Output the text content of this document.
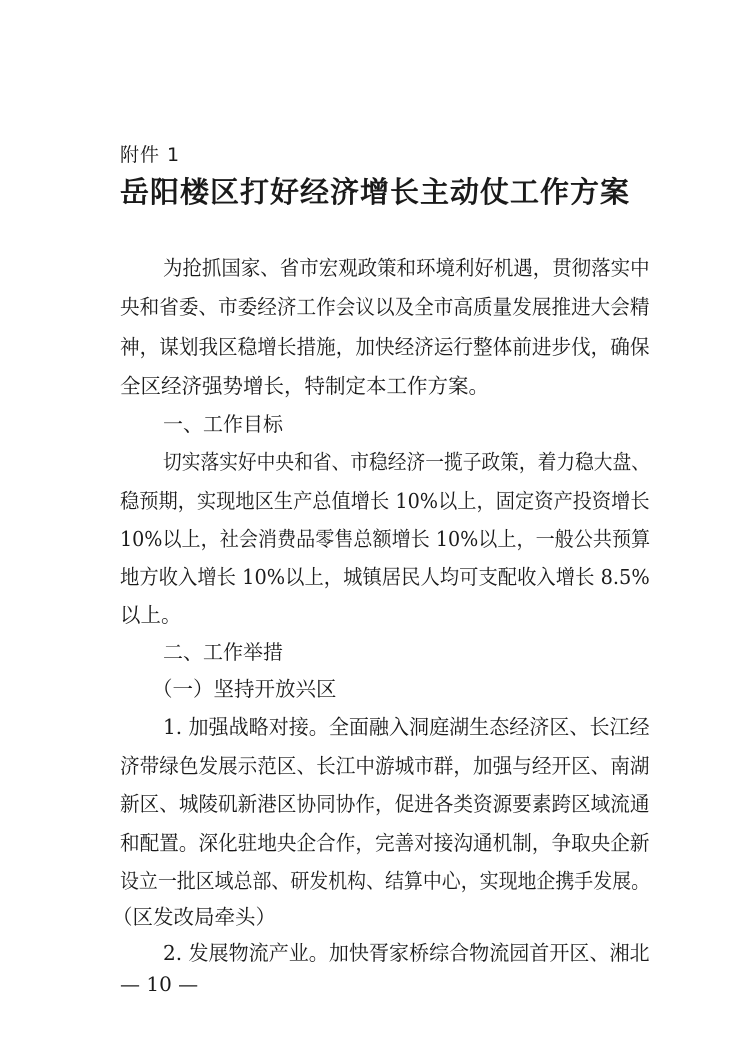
附件 1
岳阳楼区打好经济增长主动仗工作方案
为抢抓国家、省市宏观政策和环境利好机遇，贯彻落实中
央和省委、市委经济工作会议以及全市高质量发展推进大会精
神，谋划我区稳增长措施，加快经济运行整体前进步伐，确保
全区经济强势增长，特制定本工作方案。
一、工作目标
切实落实好中央和省、市稳经济一揽子政策，着力稳大盘、
稳预期，实现地区生产总值增长 10%以上，固定资产投资增长
10%以上，社会消费品零售总额增长 10%以上，一般公共预算
地方收入增长 10%以上，城镇居民人均可支配收入增长 8.5%
以上。
二、工作举措
（一）坚持开放兴区
1. 加强战略对接。全面融入洞庭湖生态经济区、长江经
济带绿色发展示范区、长江中游城市群，加强与经开区、南湖
新区、城陵矶新港区协同协作，促进各类资源要素跨区域流通
和配置。深化驻地央企合作，完善对接沟通机制，争取央企新
设立一批区域总部、研发机构、结算中心，实现地企携手发展。
（区发改局牵头）
2. 发展物流产业。加快胥家桥综合物流园首开区、湘北
— 10 —
